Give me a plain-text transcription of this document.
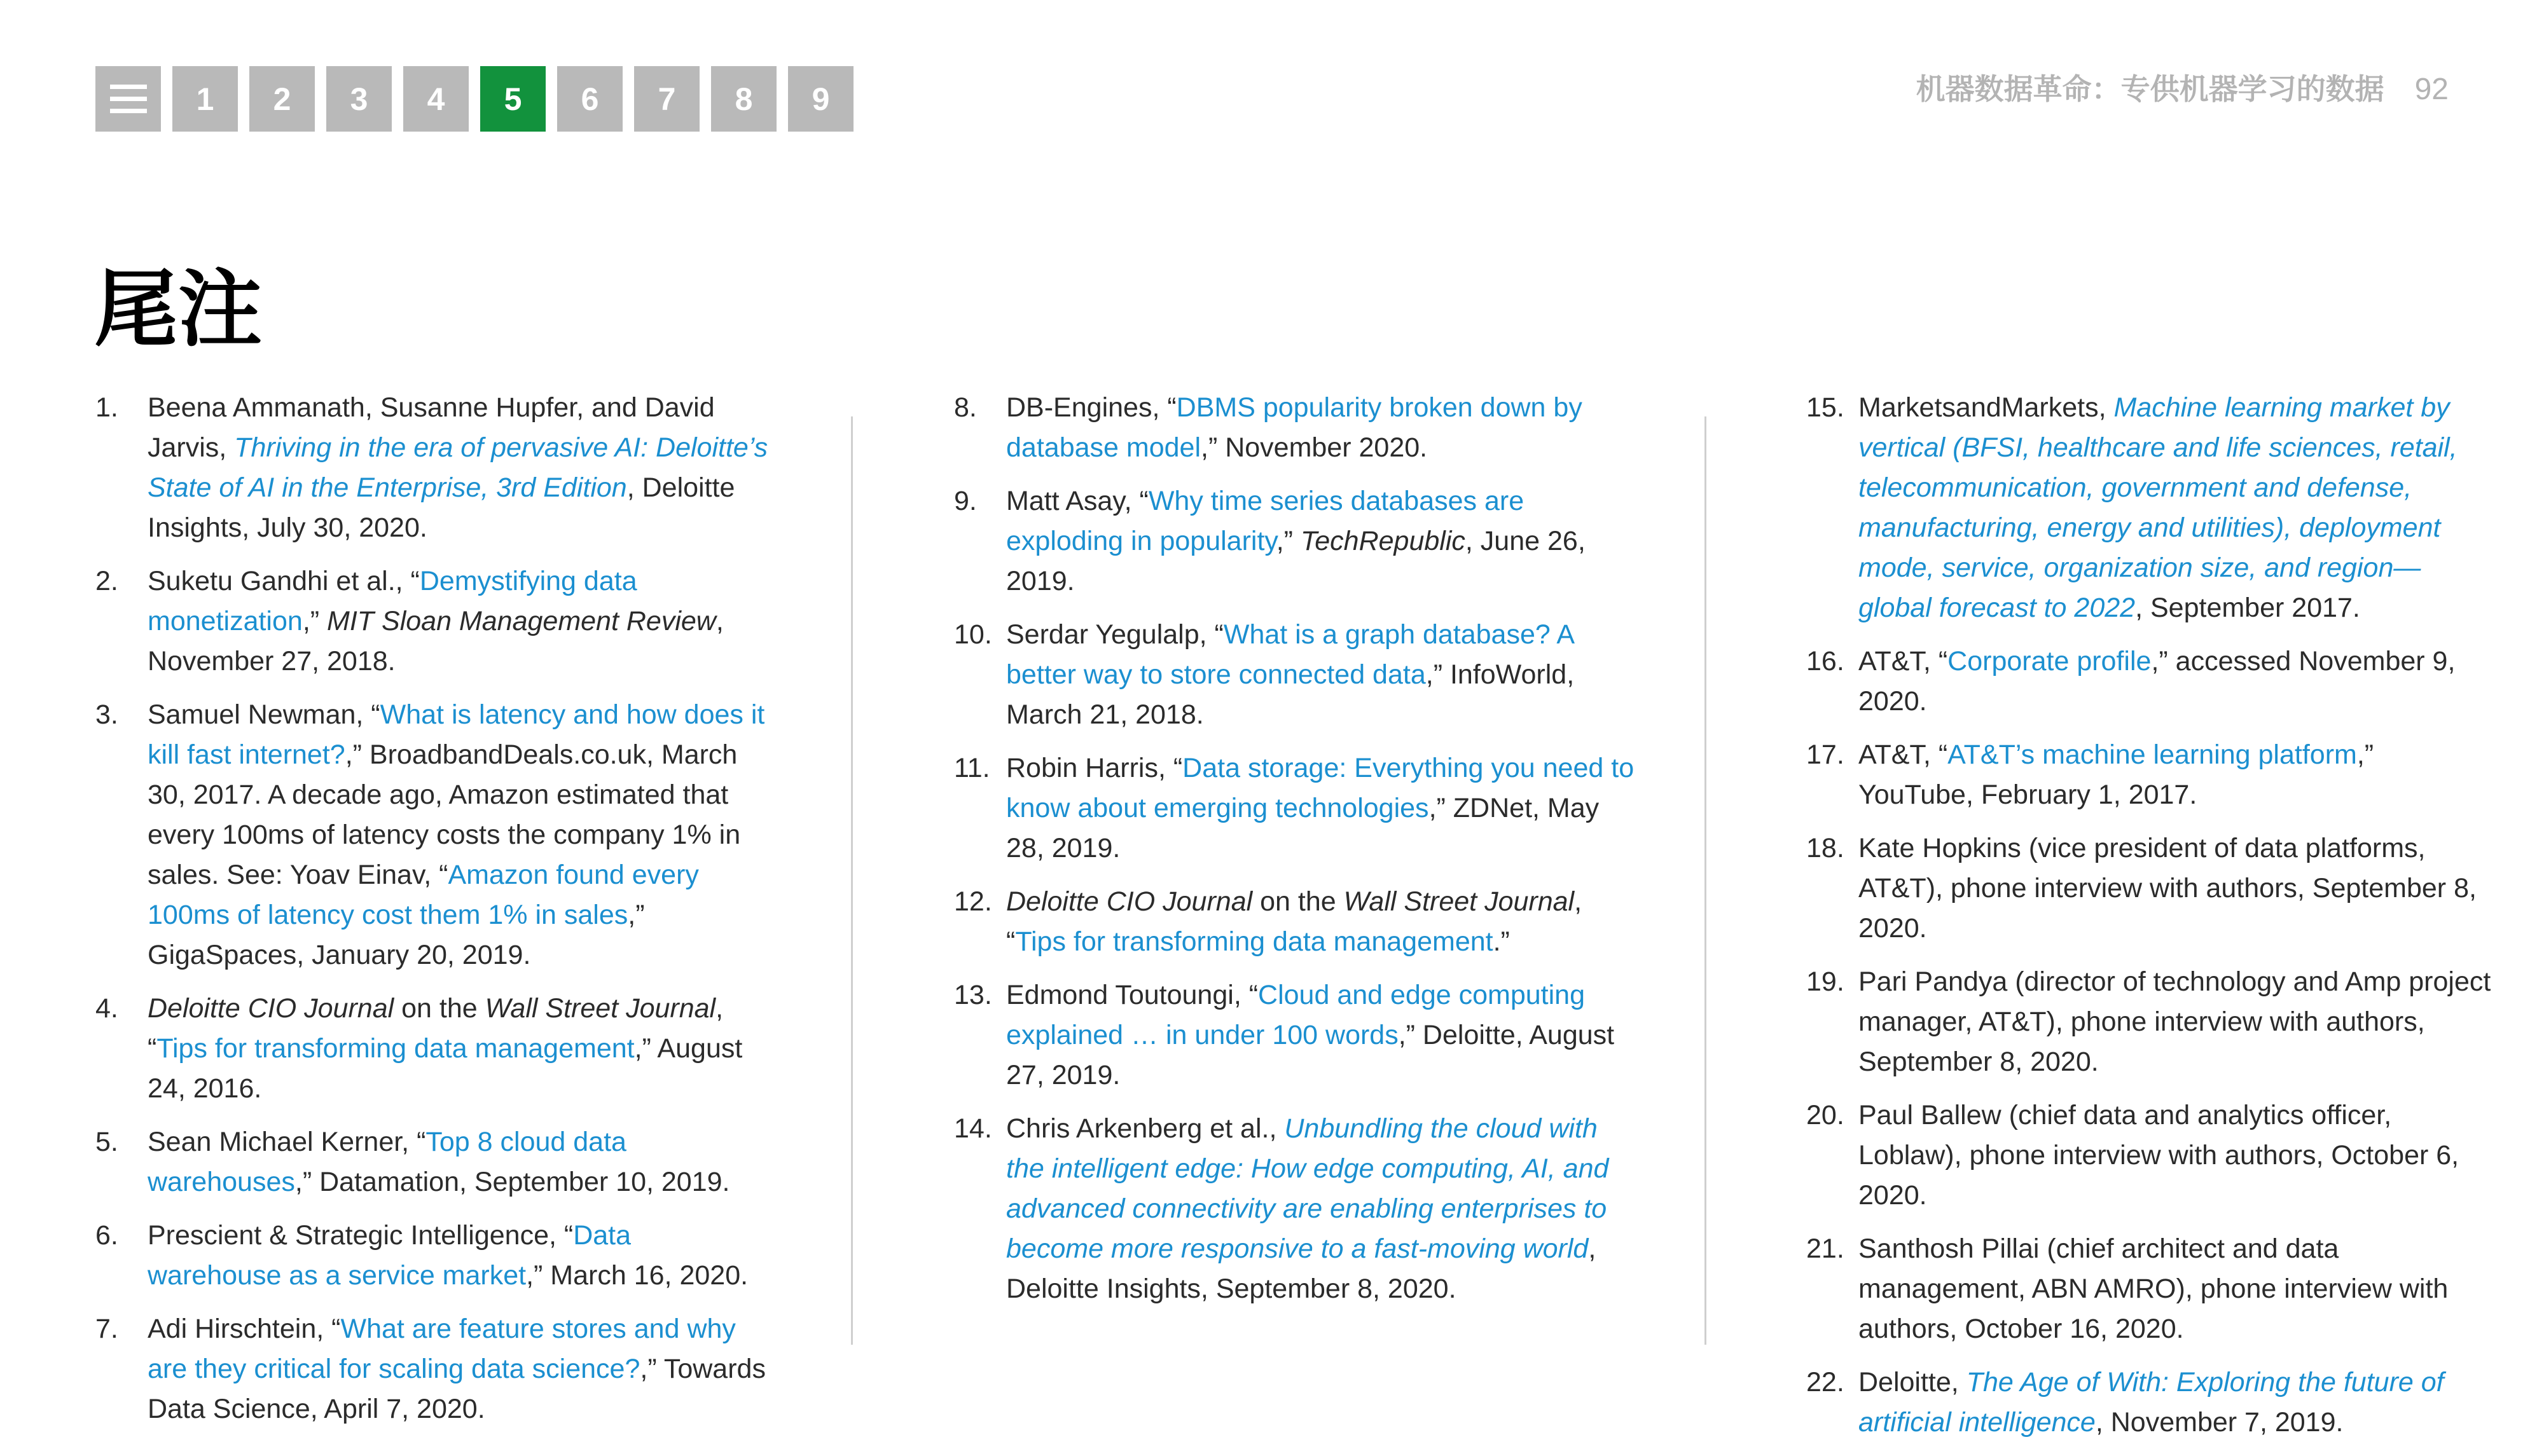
1	2	3	4	5	6	7	8	9	机器数据革命：专供机器学习的数据 92
尾注
1. Beena Ammanath, Susanne Hupfer, and David Jarvis, Thriving in the era of pervasive AI: Deloitte’s State of AI in the Enterprise, 3rd Edition, Deloitte Insights, July 30, 2020.
2. Suketu Gandhi et al., “Demystifying data monetization,” MIT Sloan Management Review, November 27, 2018.
3. Samuel Newman, “What is latency and how does it kill fast internet?,” BroadbandDeals.co.uk, March 30, 2017. A decade ago, Amazon estimated that every 100ms of latency costs the company 1% in sales. See: Yoav Einav, “Amazon found every 100ms of latency cost them 1% in sales,” GigaSpaces, January 20, 2019.
4. Deloitte CIO Journal on the Wall Street Journal, “Tips for transforming data management,” August 24, 2016.
5. Sean Michael Kerner, “Top 8 cloud data warehouses,” Datamation, September 10, 2019.
6. Prescient & Strategic Intelligence, “Data warehouse as a service market,” March 16, 2020.
7. Adi Hirschtein, “What are feature stores and why are they critical for scaling data science?,” Towards Data Science, April 7, 2020.
8. DB-Engines, “DBMS popularity broken down by database model,” November 2020.
9. Matt Asay, “Why time series databases are exploding in popularity,” TechRepublic, June 26, 2019.
10. Serdar Yegulalp, “What is a graph database? A better way to store connected data,” InfoWorld, March 21, 2018.
11. Robin Harris, “Data storage: Everything you need to know about emerging technologies,” ZDNet, May 28, 2019.
12. Deloitte CIO Journal on the Wall Street Journal, “Tips for transforming data management.”
13. Edmond Toutoungi, “Cloud and edge computing explained … in under 100 words,” Deloitte, August 27, 2019.
14. Chris Arkenberg et al., Unbundling the cloud with the intelligent edge: How edge computing, AI, and advanced connectivity are enabling enterprises to become more responsive to a fast-moving world, Deloitte Insights, September 8, 2020.
15. MarketsandMarkets, Machine learning market by vertical (BFSI, healthcare and life sciences, retail, telecommunication, government and defense, manufacturing, energy and utilities), deployment mode, service, organization size, and region—global forecast to 2022, September 2017.
16. AT&T, “Corporate profile,” accessed November 9, 2020.
17. AT&T, “AT&T’s machine learning platform,” YouTube, February 1, 2017.
18. Kate Hopkins (vice president of data platforms, AT&T), phone interview with authors, September 8, 2020.
19. Pari Pandya (director of technology and Amp project manager, AT&T), phone interview with authors, September 8, 2020.
20. Paul Ballew (chief data and analytics officer, Loblaw), phone interview with authors, October 6, 2020.
21. Santhosh Pillai (chief architect and data management, ABN AMRO), phone interview with authors, October 16, 2020.
22. Deloitte, The Age of With: Exploring the future of artificial intelligence, November 7, 2019.
